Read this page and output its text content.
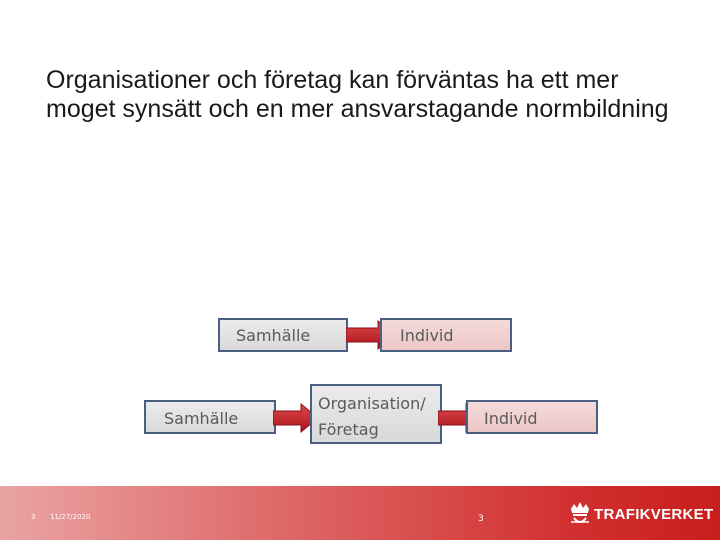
Organisationer och företag kan förväntas ha ett mer moget synsätt och en mer ansvarstagande normbildning
Samhälle	Individ
Samhälle
Organisation/
Företag
Individ
3 11/27/2020	3	TRAFIKVERKET
